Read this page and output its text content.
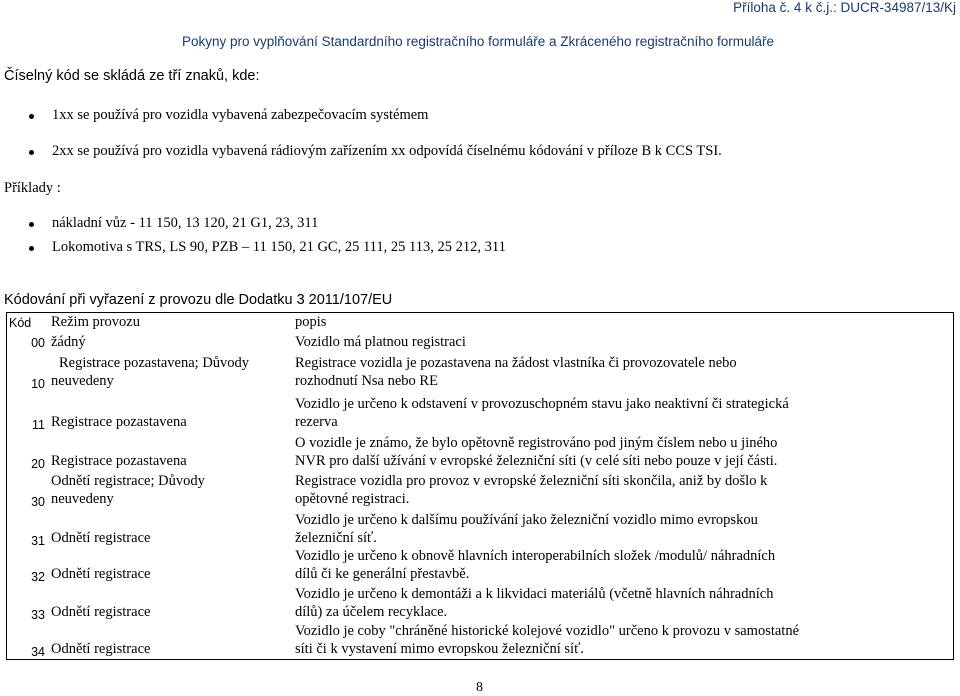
Příloha č. 4 k č.j.: DUCR-34987/13/Kj
Pokyny pro vyplňování Standardního registračního formuláře a Zkráceného registračního formuláře
Číselný kód se skládá ze tří znaků, kde:
1xx se používá pro vozidla vybavená zabezpečovacím systémem
2xx se používá pro vozidla vybavená rádiovým zařízením xx odpovídá číselnému kódování v příloze B k CCS TSI.
Příklady :
nákladní vůz - 11 150, 13 120, 21 G1, 23, 311
Lokomotiva s TRS, LS 90, PZB – 11 150, 21 GC, 25 111, 25 113, 25 212, 311
Kódování při vyřazení z provozu dle Dodatku 3 2011/107/EU
Kód Režim provozu	popis
00 žádný	Vozidlo má platnou registraci
Registrace pozastavena; Důvody
10 neuvedeny
Registrace vozidla je pozastavena na žádost vlastníka či provozovatele nebo
rozhodnutí Nsa nebo RE
11 Registrace pozastavena
Vozidlo je určeno k odstavení v provozuschopném stavu jako neaktivní či strategická
rezerva
20 Registrace pozastavena
O vozidle je známo, že bylo opětovně registrováno pod jiným číslem nebo u jiného
NVR pro další užívání v evropské železniční síti (v celé síti nebo pouze v její části.
Odnětí registrace; Důvody
30 neuvedeny
Registrace vozidla pro provoz v evropské železniční síti skončila, aniž by došlo k
opětovné registraci.
31 Odnětí registrace
Vozidlo je určeno k dalšímu používání jako železniční vozidlo mimo evropskou
železniční síť.
32 Odnětí registrace
Vozidlo je určeno k obnově hlavních interoperabilních složek /modulů/ náhradních
dílů či ke generální přestavbě.
33 Odnětí registrace
Vozidlo je určeno k demontáži a k likvidaci materiálů (včetně hlavních náhradních
dílů) za účelem recyklace.
34 Odnětí registrace
Vozidlo je coby "chráněné historické kolejové vozidlo" určeno k provozu v samostatné
síti či k vystavení mimo evropskou železniční síť.
8
